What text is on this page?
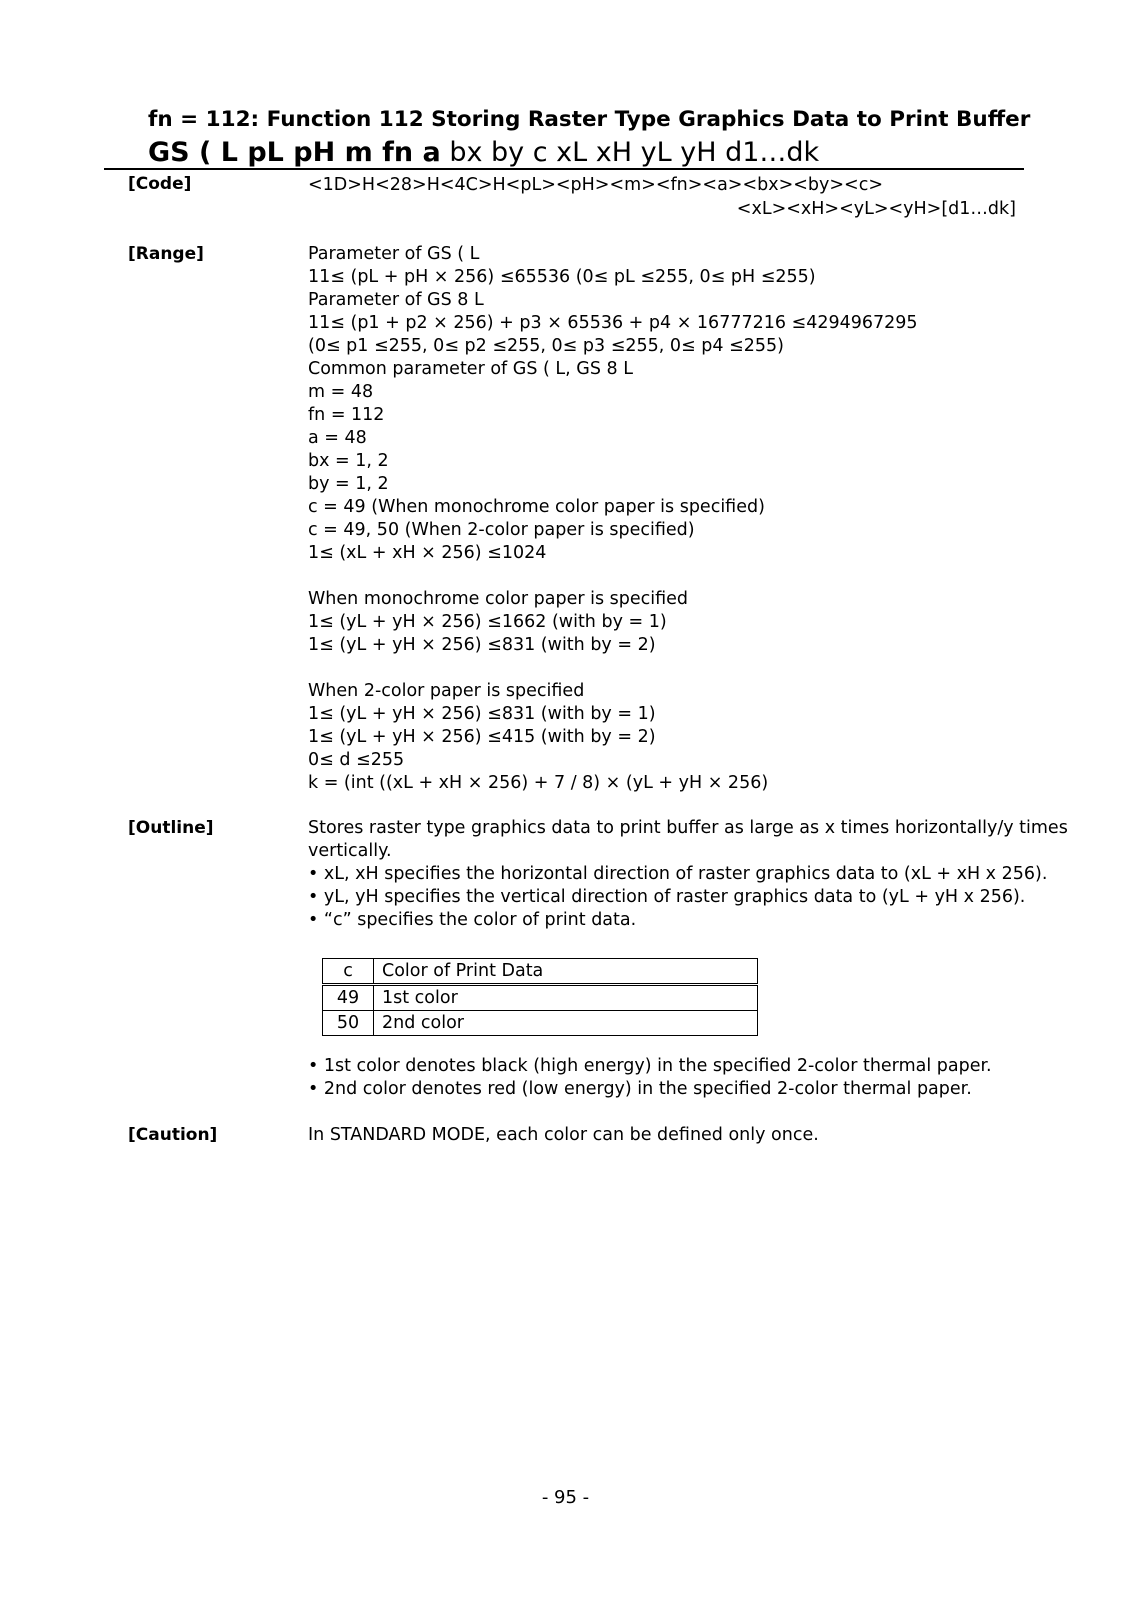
fn = 112: Function 112 Storing Raster Type Graphics Data to Print Buffer
GS ( L pL pH m fn a bx by c xL xH yL yH d1…dk
[Code]	<1D>H<28>H<4C>H<pL><pH><m><fn><a><bx><by><c>
<xL><xH><yL><yH>[d1…dk]
[Range]	Parameter of GS ( L
11≤ (pL + pH × 256) ≤65536 (0≤ pL ≤255, 0≤ pH ≤255)
Parameter of GS 8 L
11≤ (p1 + p2 × 256) + p3 × 65536 + p4 × 16777216 ≤4294967295
(0≤ p1 ≤255, 0≤ p2 ≤255, 0≤ p3 ≤255, 0≤ p4 ≤255)
Common parameter of GS ( L, GS 8 L
m = 48
fn = 112
a = 48
bx = 1, 2
by = 1, 2
c = 49 (When monochrome color paper is specified)
c = 49, 50 (When 2-color paper is specified)
1≤ (xL + xH × 256) ≤1024
When monochrome color paper is specified
1≤ (yL + yH × 256) ≤1662 (with by = 1)
1≤ (yL + yH × 256) ≤831 (with by = 2)
When 2-color paper is specified
1≤ (yL + yH × 256) ≤831 (with by = 1)
1≤ (yL + yH × 256) ≤415 (with by = 2)
0≤ d ≤255
k = (int ((xL + xH × 256) + 7 / 8) × (yL + yH × 256)
[Outline]	Stores raster type graphics data to print buffer as large as x times horizontally/y times
vertically.
• xL, xH specifies the horizontal direction of raster graphics data to (xL + xH x 256).
• yL, yH specifies the vertical direction of raster graphics data to (yL + yH x 256).
• “c” specifies the color of print data.
c	Color of Print Data
49	1st color
50	2nd color
• 1st color denotes black (high energy) in the specified 2-color thermal paper.
• 2nd color denotes red (low energy) in the specified 2-color thermal paper.
[Caution]	In STANDARD MODE, each color can be defined only once.
- 95 -
